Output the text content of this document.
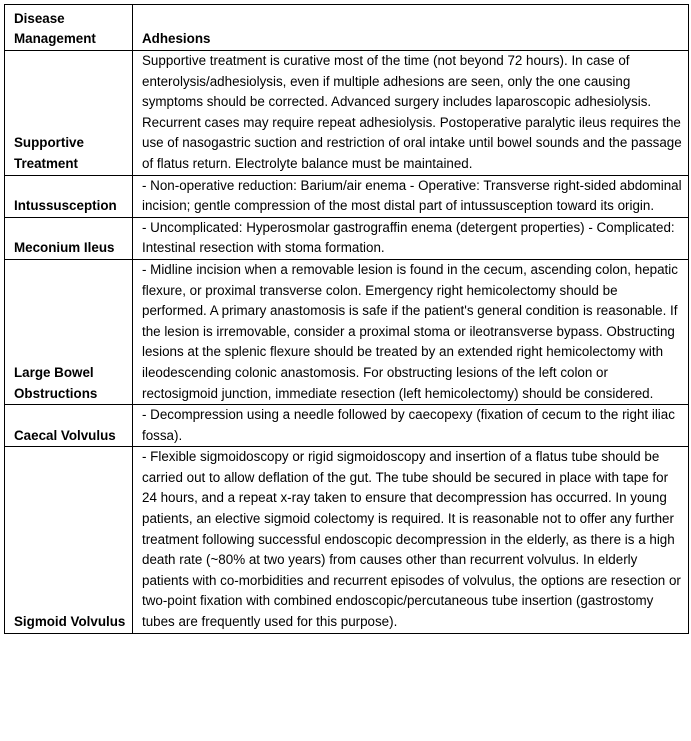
Disease Management	Adhesions

Supportive Treatment	Supportive treatment is curative most of the time (not beyond 72 hours). In case of enterolysis/adhesiolysis, even if multiple adhesions are seen, only the one causing symptoms should be corrected. Advanced surgery includes laparoscopic adhesiolysis. Recurrent cases may require repeat adhesiolysis. Postoperative paralytic ileus requires the use of nasogastric suction and restriction of oral intake until bowel sounds and the passage of flatus return. Electrolyte balance must be maintained.

Intussusception	- Non-operative reduction: Barium/air enema - Operative: Transverse right-sided abdominal incision; gentle compression of the most distal part of intussusception toward its origin.

Meconium Ileus	- Uncomplicated: Hyperosmolar gastrograffin enema (detergent properties) - Complicated: Intestinal resection with stoma formation.

Large Bowel Obstructions	- Midline incision when a removable lesion is found in the cecum, ascending colon, hepatic flexure, or proximal transverse colon. Emergency right hemicolectomy should be performed. A primary anastomosis is safe if the patient's general condition is reasonable. If the lesion is irremovable, consider a proximal stoma or ileotransverse bypass. Obstructing lesions at the splenic flexure should be treated by an extended right hemicolectomy with ileodescending colonic anastomosis. For obstructing lesions of the left colon or rectosigmoid junction, immediate resection (left hemicolectomy) should be considered.

Caecal Volvulus	- Decompression using a needle followed by caecopexy (fixation of cecum to the right iliac fossa).

Sigmoid Volvulus	- Flexible sigmoidoscopy or rigid sigmoidoscopy and insertion of a flatus tube should be carried out to allow deflation of the gut. The tube should be secured in place with tape for 24 hours, and a repeat x-ray taken to ensure that decompression has occurred. In young patients, an elective sigmoid colectomy is required. It is reasonable not to offer any further treatment following successful endoscopic decompression in the elderly, as there is a high death rate (~80% at two years) from causes other than recurrent volvulus. In elderly patients with co-morbidities and recurrent episodes of volvulus, the options are resection or two-point fixation with combined endoscopic/percutaneous tube insertion (gastrostomy tubes are frequently used for this purpose).
